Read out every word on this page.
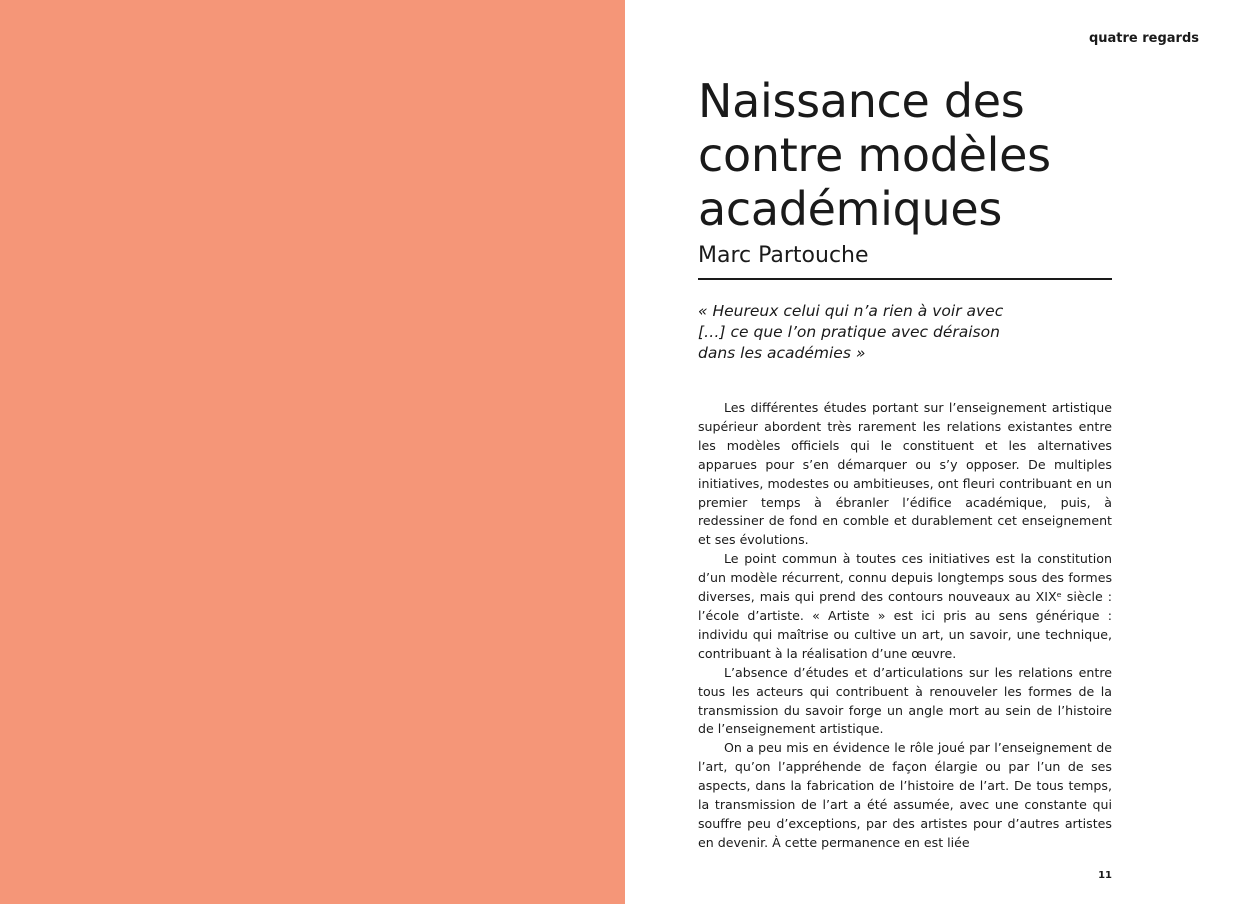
quatre regards
Naissance des contre modèles académiques
Marc Partouche
« Heureux celui qui n’a rien à voir avec […] ce que l’on pratique avec déraison dans les académies »

Les différentes études portant sur l’enseignement artistique supérieur abordent très rarement les relations existantes entre les modèles officiels qui le constituent et les alternatives apparues pour s’en démarquer ou s’y opposer. De multiples initiatives, modestes ou ambitieuses, ont fleuri contribuant en un premier temps à ébranler l’édifice académique, puis, à redessiner de fond en comble et durablement cet enseignement et ses évolutions.

Le point commun à toutes ces initiatives est la constitution d’un modèle récurrent, connu depuis longtemps sous des formes diverses, mais qui prend des contours nouveaux au XIXᵉ siècle : l’école d’artiste. « Artiste » est ici pris au sens générique : individu qui maîtrise ou cultive un art, un savoir, une technique, contribuant à la réalisation d’une œuvre.

L’absence d’études et d’articulations sur les relations entre tous les acteurs qui contribuent à renouveler les formes de la transmission du savoir forge un angle mort au sein de l’histoire de l’enseignement artistique.

On a peu mis en évidence le rôle joué par l’enseignement de l’art, qu’on l’appréhende de façon élargie ou par l’un de ses aspects, dans la fabrication de l’histoire de l’art. De tous temps, la transmission de l’art a été assumée, avec une constante qui souffre peu d’exceptions, par des artistes pour d’autres artistes en devenir. À cette permanence en est liée

11
